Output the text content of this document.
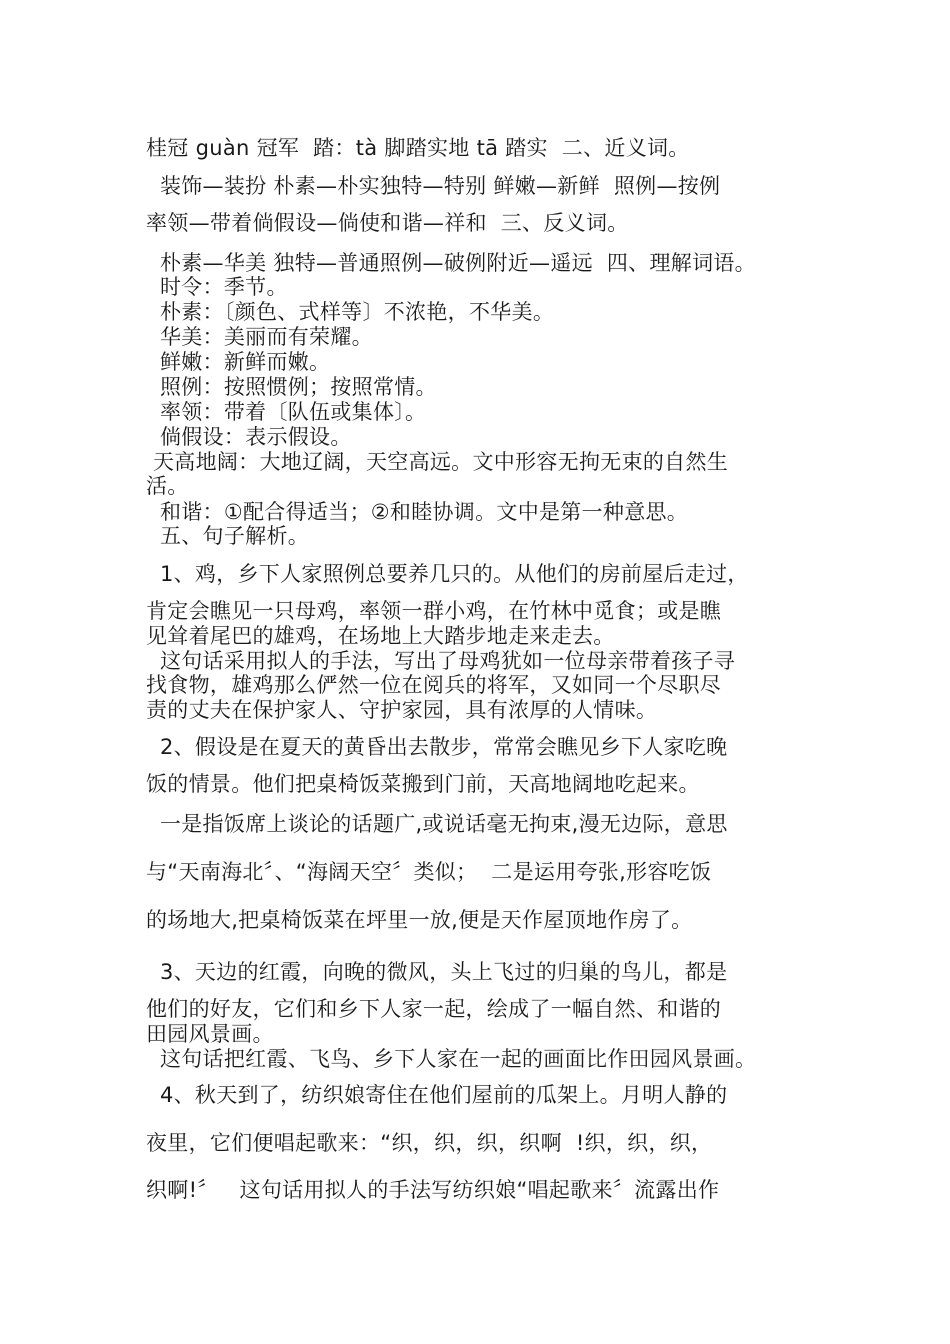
桂冠 guàn 冠军  踏：tà 脚踏实地 tā 踏实  二、近义词。
装饰—装扮 朴素—朴实独特—特别 鲜嫩—新鲜  照例—按例
率领—带着倘假设—倘使和谐—祥和  三、反义词。
朴素—华美 独特—普通照例—破例附近—遥远  四、理解词语。
时令：季节。
朴素：〔颜色、式样等〕不浓艳，不华美。
华美：美丽而有荣耀。
鲜嫩：新鲜而嫩。
照例：按照惯例；按照常情。
率领：带着〔队伍或集体〕。
倘假设：表示假设。
天高地阔：大地辽阔，天空高远。文中形容无拘无束的自然生
活。
和谐：①配合得适当；②和睦协调。文中是第一种意思。
五、句子解析。
1、鸡，乡下人家照例总要养几只的。从他们的房前屋后走过，
肯定会瞧见一只母鸡，率领一群小鸡，在竹林中觅食；或是瞧
见耸着尾巴的雄鸡，在场地上大踏步地走来走去。
这句话采用拟人的手法，写出了母鸡犹如一位母亲带着孩子寻
找食物，雄鸡那么俨然一位在阅兵的将军，又如同一个尽职尽
责的丈夫在保护家人、守护家园，具有浓厚的人情味。
2、假设是在夏天的黄昏出去散步，常常会瞧见乡下人家吃晚
饭的情景。他们把桌椅饭菜搬到门前，天高地阔地吃起来。
一是指饭席上谈论的话题广,或说话毫无拘束,漫无边际，意思
与“天南海北〞、“海阔天空〞类似；  二是运用夸张,形容吃饭
的场地大,把桌椅饭菜在坪里一放,便是天作屋顶地作房了。
3、天边的红霞，向晚的微风，头上飞过的归巢的鸟儿，都是
他们的好友，它们和乡下人家一起，绘成了一幅自然、和谐的
田园风景画。
这句话把红霞、飞鸟、乡下人家在一起的画面比作田园风景画。
4、秋天到了，纺织娘寄住在他们屋前的瓜架上。月明人静的
夜里，它们便唱起歌来：“织，织，织，织啊  !织，织，织，
织啊!〞   这句话用拟人的手法写纺织娘“唱起歌来〞流露出作
